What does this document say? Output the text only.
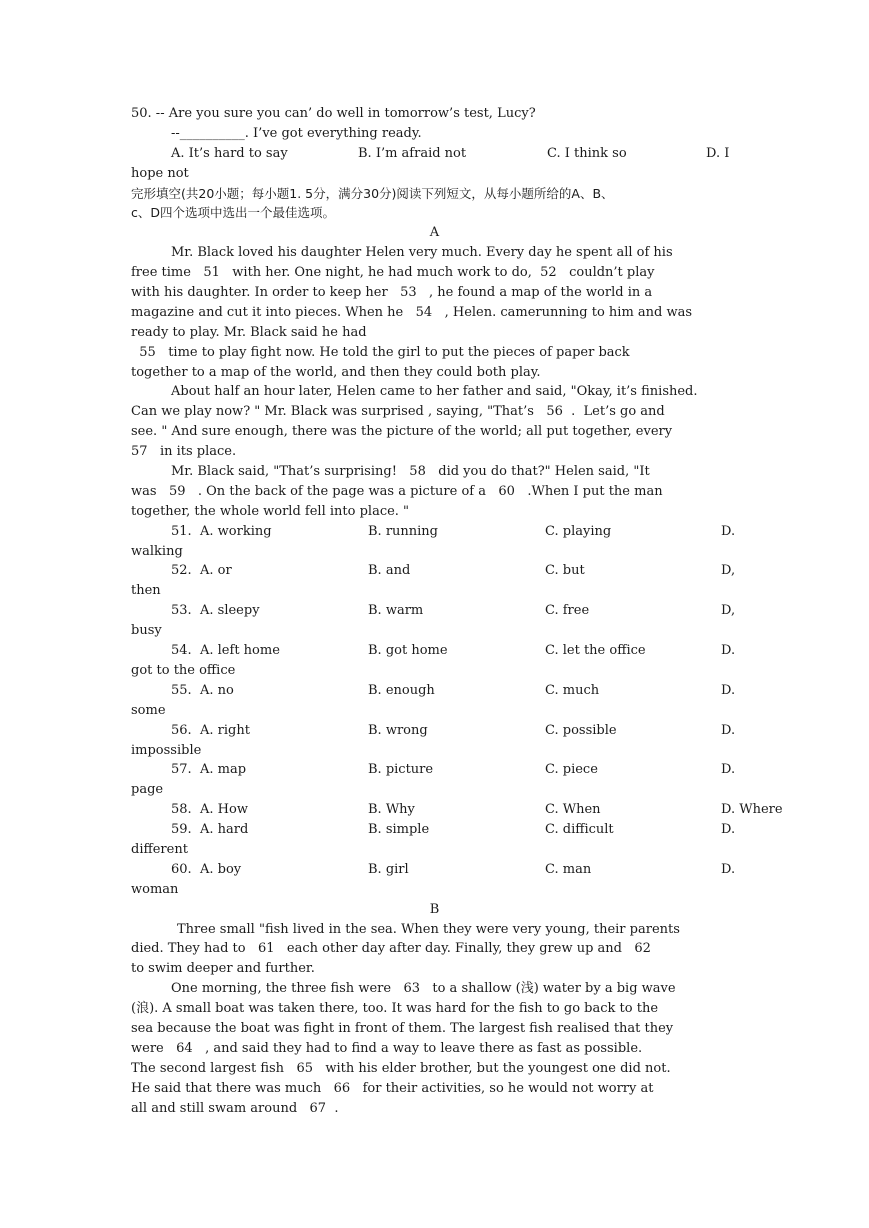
50. -- Are you sure you can’ do well in tomorrow’s test, Lucy?
--__________. I’ve got everything ready.
A. It’s hard to say	B. I’m afraid not	C. I think so	D. I
hope not
完形填空(共20小题；每小题1. 5分，满分30分)阅读下列短文，从每小题所给的A、B、
c、D四个选项中选出一个最佳选项。
A
Mr. Black loved his daughter Helen very much. Every day he spent all of his
free time   51   with her. One night, he had much work to do,  52   couldn’t play
with his daughter. In order to keep her   53   , he found a map of the world in a
magazine and cut it into pieces. When he   54   , Helen. camerunning to him and was
ready to play. Mr. Black said he had
55   time to play fight now. He told the girl to put the pieces of paper back
together to a map of the world, and then they could both play.
About half an hour later, Helen came to her father and said, "Okay, it’s finished.
Can we play now? " Mr. Black was surprised , saying, "That’s   56  .  Let’s go and
see. " And sure enough, there was the picture of the world; all put together, every
57   in its place.
Mr. Black said, "That’s surprising!   58   did you do that?" Helen said, "It
was   59   . On the back of the page was a picture of a   60   .When I put the man
together, the whole world fell into place. "
51. A. working	B. running	C. playing	D.
walking
52. A. or	B. and	C. but	D,
then
53. A. sleepy	B. warm	C. free	D,
busy
54. A. left home	B. got home	C. let the office	D.
got to the office
55. A. no	B. enough	C. much	D.
some
56. A. right	B. wrong	C. possible	D.
impossible
57. A. map	B. picture	C. piece	D.
page
58. A. How	B. Why	C. When	D. Where
59. A. hard	B. simple	C. difficult	D.
different
60. A. boy	B. girl	C. man	D.
woman
B
Three small "fish lived in the sea. When they were very young, their parents
died. They had to   61   each other day after day. Finally, they grew up and   62
to swim deeper and further.
One morning, the three fish were   63   to a shallow (浅) water by a big wave
(浪). A small boat was taken there, too. It was hard for the fish to go back to the
sea because the boat was fight in front of them. The largest fish realised that they
were   64   , and said they had to find a way to leave there as fast as possible.
The second largest fish   65   with his elder brother, but the youngest one did not.
He said that there was much   66   for their activities, so he would not worry at
all and still swam around   67  .
